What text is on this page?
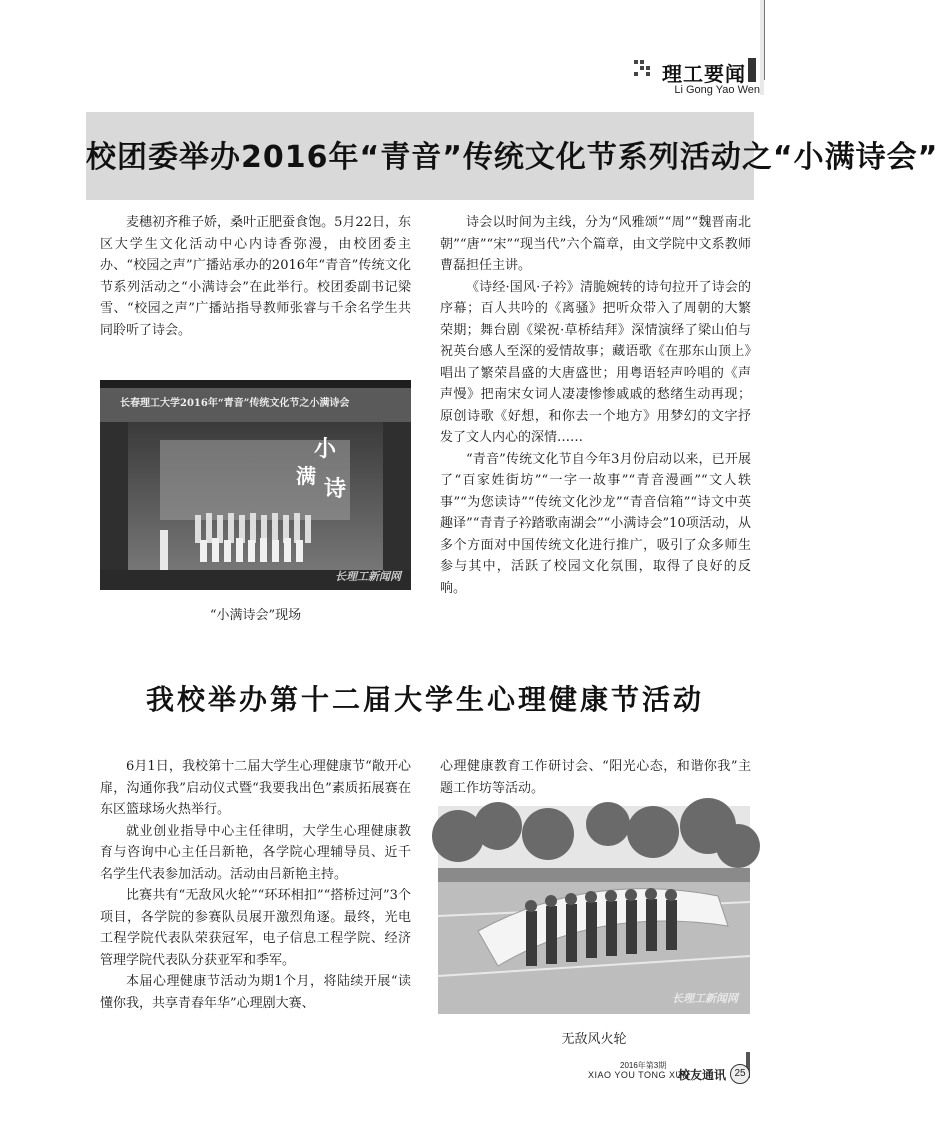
理工要闻
Li Gong Yao Wen
校团委举办2016年“青音”传统文化节系列活动之“小满诗会”

麦穗初齐稚子娇，桑叶正肥蚕食饱。5月22日，东区大学生文化活动中心内诗香弥漫，由校团委主办、“校园之声”广播站承办的2016年“青音”传统文化节系列活动之“小满诗会”在此举行。校团委副书记梁雪、“校园之声”广播站指导教师张睿与千余名学生共同聆听了诗会。

长春理工大学2016年“青音”传统文化节之小满诗会
小
满 诗
长理工新闻网
“小满诗会”现场

诗会以时间为主线，分为“风雅颂”“周”“魏晋南北朝”“唐”“宋”“现当代”六个篇章，由文学院中文系教师曹磊担任主讲。

《诗经·国风·子衿》清脆婉转的诗句拉开了诗会的序幕；百人共吟的《离骚》把听众带入了周朝的大繁荣期；舞台剧《梁祝·草桥结拜》深情演绎了梁山伯与祝英台感人至深的爱情故事；藏语歌《在那东山顶上》唱出了繁荣昌盛的大唐盛世；用粤语轻声吟唱的《声声慢》把南宋女词人凄凄惨惨戚戚的愁绪生动再现；原创诗歌《好想，和你去一个地方》用梦幻的文字抒发了文人内心的深情……

“青音”传统文化节自今年3月份启动以来，已开展了“百家姓街坊”“一字一故事”“青音漫画”“文人轶事”“为您读诗”“传统文化沙龙”“青音信箱”“诗文中英趣译”“青青子衿踏歌南湖会”“小满诗会”10项活动，从多个方面对中国传统文化进行推广，吸引了众多师生参与其中，活跃了校园文化氛围，取得了良好的反响。

我校举办第十二届大学生心理健康节活动

6月1日，我校第十二届大学生心理健康节“敞开心扉，沟通你我”启动仪式暨“我要我出色”素质拓展赛在东区篮球场火热举行。

就业创业指导中心主任律明，大学生心理健康教育与咨询中心主任吕新艳，各学院心理辅导员、近千名学生代表参加活动。活动由吕新艳主持。

比赛共有“无敌风火轮”“环环相扣”“搭桥过河”3个项目，各学院的参赛队员展开激烈角逐。最终，光电工程学院代表队荣获冠军，电子信息工程学院、经济管理学院代表队分获亚军和季军。

本届心理健康节活动为期1个月，将陆续开展“读懂你我，共享青春年华”心理剧大赛、

心理健康教育工作研讨会、“阳光心态，和谐你我”主题工作坊等活动。

长理工新闻网
无敌风火轮
2016年第3期
XIAO YOU TONG XUN
校友通讯 25
